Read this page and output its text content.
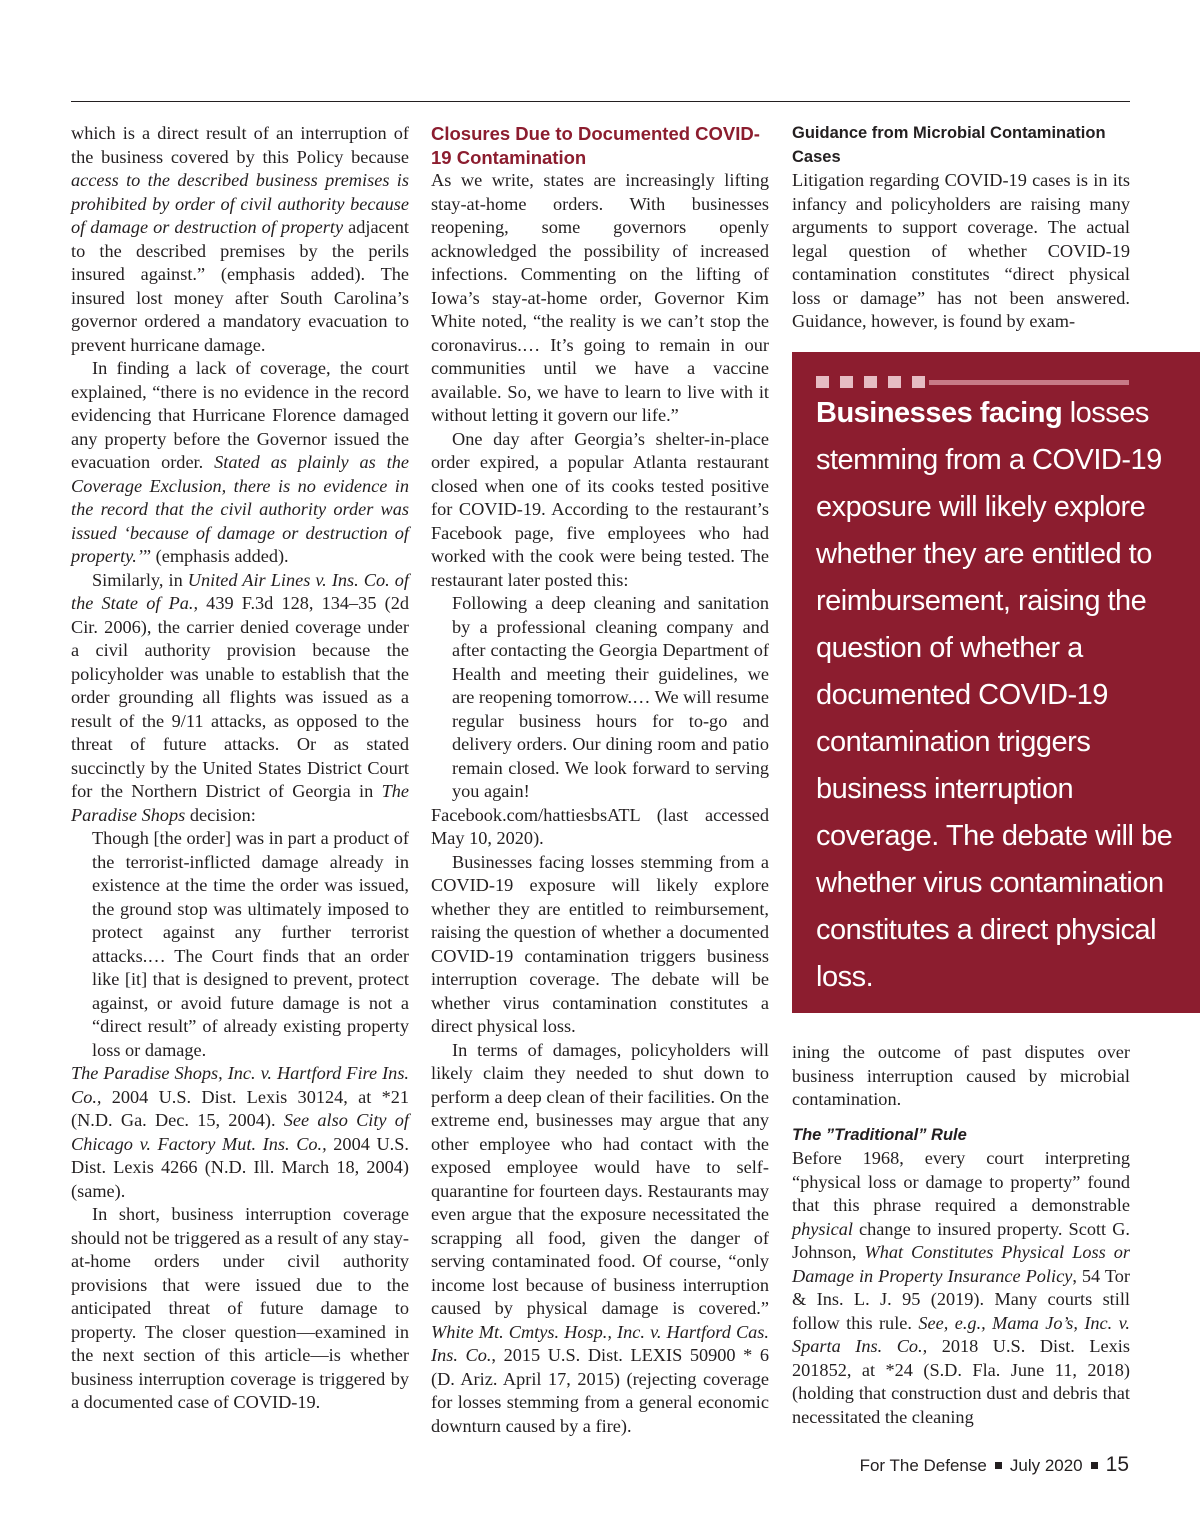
which is a direct result of an interruption of the business covered by this Policy because access to the described business premises is prohibited by order of civil authority because of damage or destruction of property adjacent to the described premises by the perils insured against.” (emphasis added). The insured lost money after South Carolina’s governor ordered a mandatory evacuation to prevent hurricane damage.

In finding a lack of coverage, the court explained, “there is no evidence in the record evidencing that Hurricane Florence damaged any property before the Governor issued the evacuation order. Stated as plainly as the Coverage Exclusion, there is no evidence in the record that the civil authority order was issued ‘because of damage or destruction of property.’” (emphasis added).

Similarly, in United Air Lines v. Ins. Co. of the State of Pa., 439 F.3d 128, 134–35 (2d Cir. 2006), the carrier denied coverage under a civil authority provision because the policyholder was unable to establish that the order grounding all flights was issued as a result of the 9/11 attacks, as opposed to the threat of future attacks. Or as stated succinctly by the United States District Court for the Northern District of Georgia in The Paradise Shops decision:

Though [the order] was in part a product of the terrorist-inflicted damage already in existence at the time the order was issued, the ground stop was ultimately imposed to protect against any further terrorist attacks.… The Court finds that an order like [it] that is designed to prevent, protect against, or avoid future damage is not a “direct result” of already existing property loss or damage.

The Paradise Shops, Inc. v. Hartford Fire Ins. Co., 2004 U.S. Dist. Lexis 30124, at *21 (N.D. Ga. Dec. 15, 2004). See also City of Chicago v. Factory Mut. Ins. Co., 2004 U.S. Dist. Lexis 4266 (N.D. Ill. March 18, 2004) (same).

In short, business interruption coverage should not be triggered as a result of any stay-at-home orders under civil authority provisions that were issued due to the anticipated threat of future damage to property. The closer question—examined in the next section of this article—is whether business interruption coverage is triggered by a documented case of COVID-19.

Closures Due to Documented COVID-19 Contamination

As we write, states are increasingly lifting stay-at-home orders. With businesses reopening, some governors openly acknowledged the possibility of increased infections. Commenting on the lifting of Iowa’s stay-at-home order, Governor Kim White noted, “the reality is we can’t stop the coronavirus.… It’s going to remain in our communities until we have a vaccine available. So, we have to learn to live with it without letting it govern our life.”

One day after Georgia’s shelter-in-place order expired, a popular Atlanta restaurant closed when one of its cooks tested positive for COVID-19. According to the restaurant’s Facebook page, five employees who had worked with the cook were being tested. The restaurant later posted this:

Following a deep cleaning and sanitation by a professional cleaning company and after contacting the Georgia Department of Health and meeting their guidelines, we are reopening tomorrow.… We will resume regular business hours for to-go and delivery orders. Our dining room and patio remain closed. We look forward to serving you again!

Facebook.com/hattiesbsATL (last accessed May 10, 2020).

Businesses facing losses stemming from a COVID-19 exposure will likely explore whether they are entitled to reimbursement, raising the question of whether a documented COVID-19 contamination triggers business interruption coverage. The debate will be whether virus contamination constitutes a direct physical loss.

In terms of damages, policyholders will likely claim they needed to shut down to perform a deep clean of their facilities. On the extreme end, businesses may argue that any other employee who had contact with the exposed employee would have to self-quarantine for fourteen days. Restaurants may even argue that the exposure necessitated the scrapping all food, given the danger of serving contaminated food. Of course, “only income lost because of business interruption caused by physical damage is covered.” White Mt. Cmtys. Hosp., Inc. v. Hartford Cas. Ins. Co., 2015 U.S. Dist. LEXIS 50900 * 6 (D. Ariz. April 17, 2015) (rejecting coverage for losses stemming from a general economic downturn caused by a fire).

Guidance from Microbial Contamination Cases

Litigation regarding COVID-19 cases is in its infancy and policyholders are raising many arguments to support coverage. The actual legal question of whether COVID-19 contamination constitutes “direct physical loss or damage” has not been answered. Guidance, however, is found by exam-

Businesses facing losses stemming from a COVID-19 exposure will likely explore whether they are entitled to reimbursement, raising the question of whether a documented COVID-19 contamination triggers business interruption coverage. The debate will be whether virus contamination constitutes a direct physical loss.

ining the outcome of past disputes over business interruption caused by microbial contamination.

The ”Traditional” Rule

Before 1968, every court interpreting “physical loss or damage to property” found that this phrase required a demonstrable physical change to insured property. Scott G. Johnson, What Constitutes Physical Loss or Damage in Property Insurance Policy, 54 Tor & Ins. L. J. 95 (2019). Many courts still follow this rule. See, e.g., Mama Jo’s, Inc. v. Sparta Ins. Co., 2018 U.S. Dist. Lexis 201852, at *24 (S.D. Fla. June 11, 2018) (holding that construction dust and debris that necessitated the cleaning

For The Defense July 2020 15
